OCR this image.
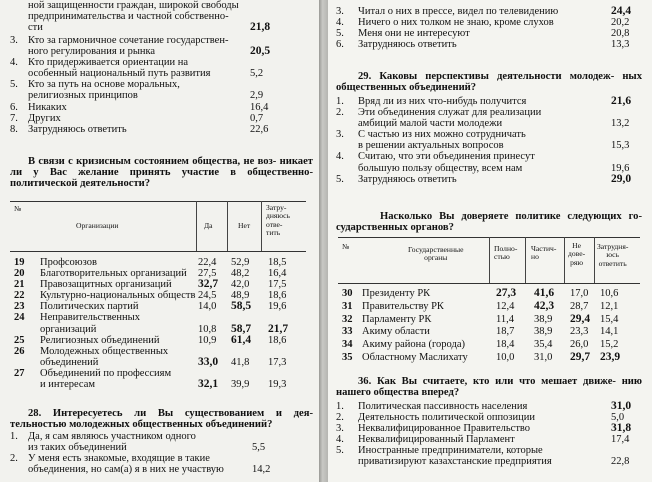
ной защищенности граждан, широкой свободы
предпринимательства и частной собственно-
сти	21,8
3. Кто за гармоничное сочетание государствен-
ного регулирования и рынка	20,5
4. Кто придерживается ориентации на
особенный национальный путь развития	5,2
5. Кто за путь на основе моральных,
религиозных принципов	2,9
6. Никаких	16,4
7. Других	0,7
8. Затрудняюсь ответить	22,6
В связи с кризисным состоянием общества, не воз- никает ли у Вас желание принять участие в общественно-политической деятельности?
№
Организации	Да	Нет
Затру-
дняюсь
отве-
тить
19 Профсоюзов	22,4 52,9 18,5
20 Благотворительных организаций 27,5 48,2 16,4
21 Правозащитных организаций 32,7 42,0 17,5
22 Культурно-национальных обществ 24,5 48,9 18,6
23 Политических партий	14,0 58,5 19,6
24 Неправительственных
организаций	10,8 58,7 21,7
25 Религиозных объединений	10,9 61,4 18,6
26 Молодежных общественных
объединений	33,0 41,8 17,3
27 Объединений по профессиям
и интересам	32,1 39,9 19,3
28. Интересуетесь ли Вы существованием и дея- тельностью молодежных общественных объединений?
1. Да, я сам являюсь участником одного
из таких объединений	5,5
2. У меня есть знакомые, входящие в такие
объединения, но сам(а) я в них не участвую	14,2
3. Читал о них в прессе, видел по телевидению	24,4
4. Ничего о них толком не знаю, кроме слухов	20,2
5. Меня они не интересуют	20,8
6. Затрудняюсь ответить	13,3
29. Каковы перспективы деятельности молодеж- ных общественных объединений?
1. Вряд ли из них что-нибудь получится	21,6
2. Эти объединения служат для реализации
амбиций малой части молодежи	13,2
3. С частью из них можно сотрудничать
в решении актуальных вопросов	15,3
4. Считаю, что эти объединения принесут
большую пользу обществу, всем нам	19,6
5. Затрудняюсь ответить	29,0
Насколько Вы доверяете политике следующих го- сударственных органов?
№	Государственные
органы
Полно-
стью
Частич-
но
Не
дове-
ряю
Затрудня-
юсь
ответить
30 Президенту РК	27,3 41,6 17,0 10,6
31 Правительству РК	12,4 42,3 28,7 12,1
32 Парламенту РК	11,4 38,9 29,4 15,4
33 Акиму области	18,7 38,9 23,3 14,1
34 Акиму района (города)	18,4 35,4 26,0 15,2
35 Областному Маслихату	10,0 31,0 29,7 23,9
36. Как Вы считаете, кто или что мешает движе- нию нашего общества вперед?
1. Политическая пассивность населения	31,0
2. Деятельность политической оппозиции	5,0
3. Неквалифицированное Правительство	31,8
4. Неквалифицированный Парламент	17,4
5. Иностранные предприниматели, которые
приватизируют казахстанские предприятия	22,8
